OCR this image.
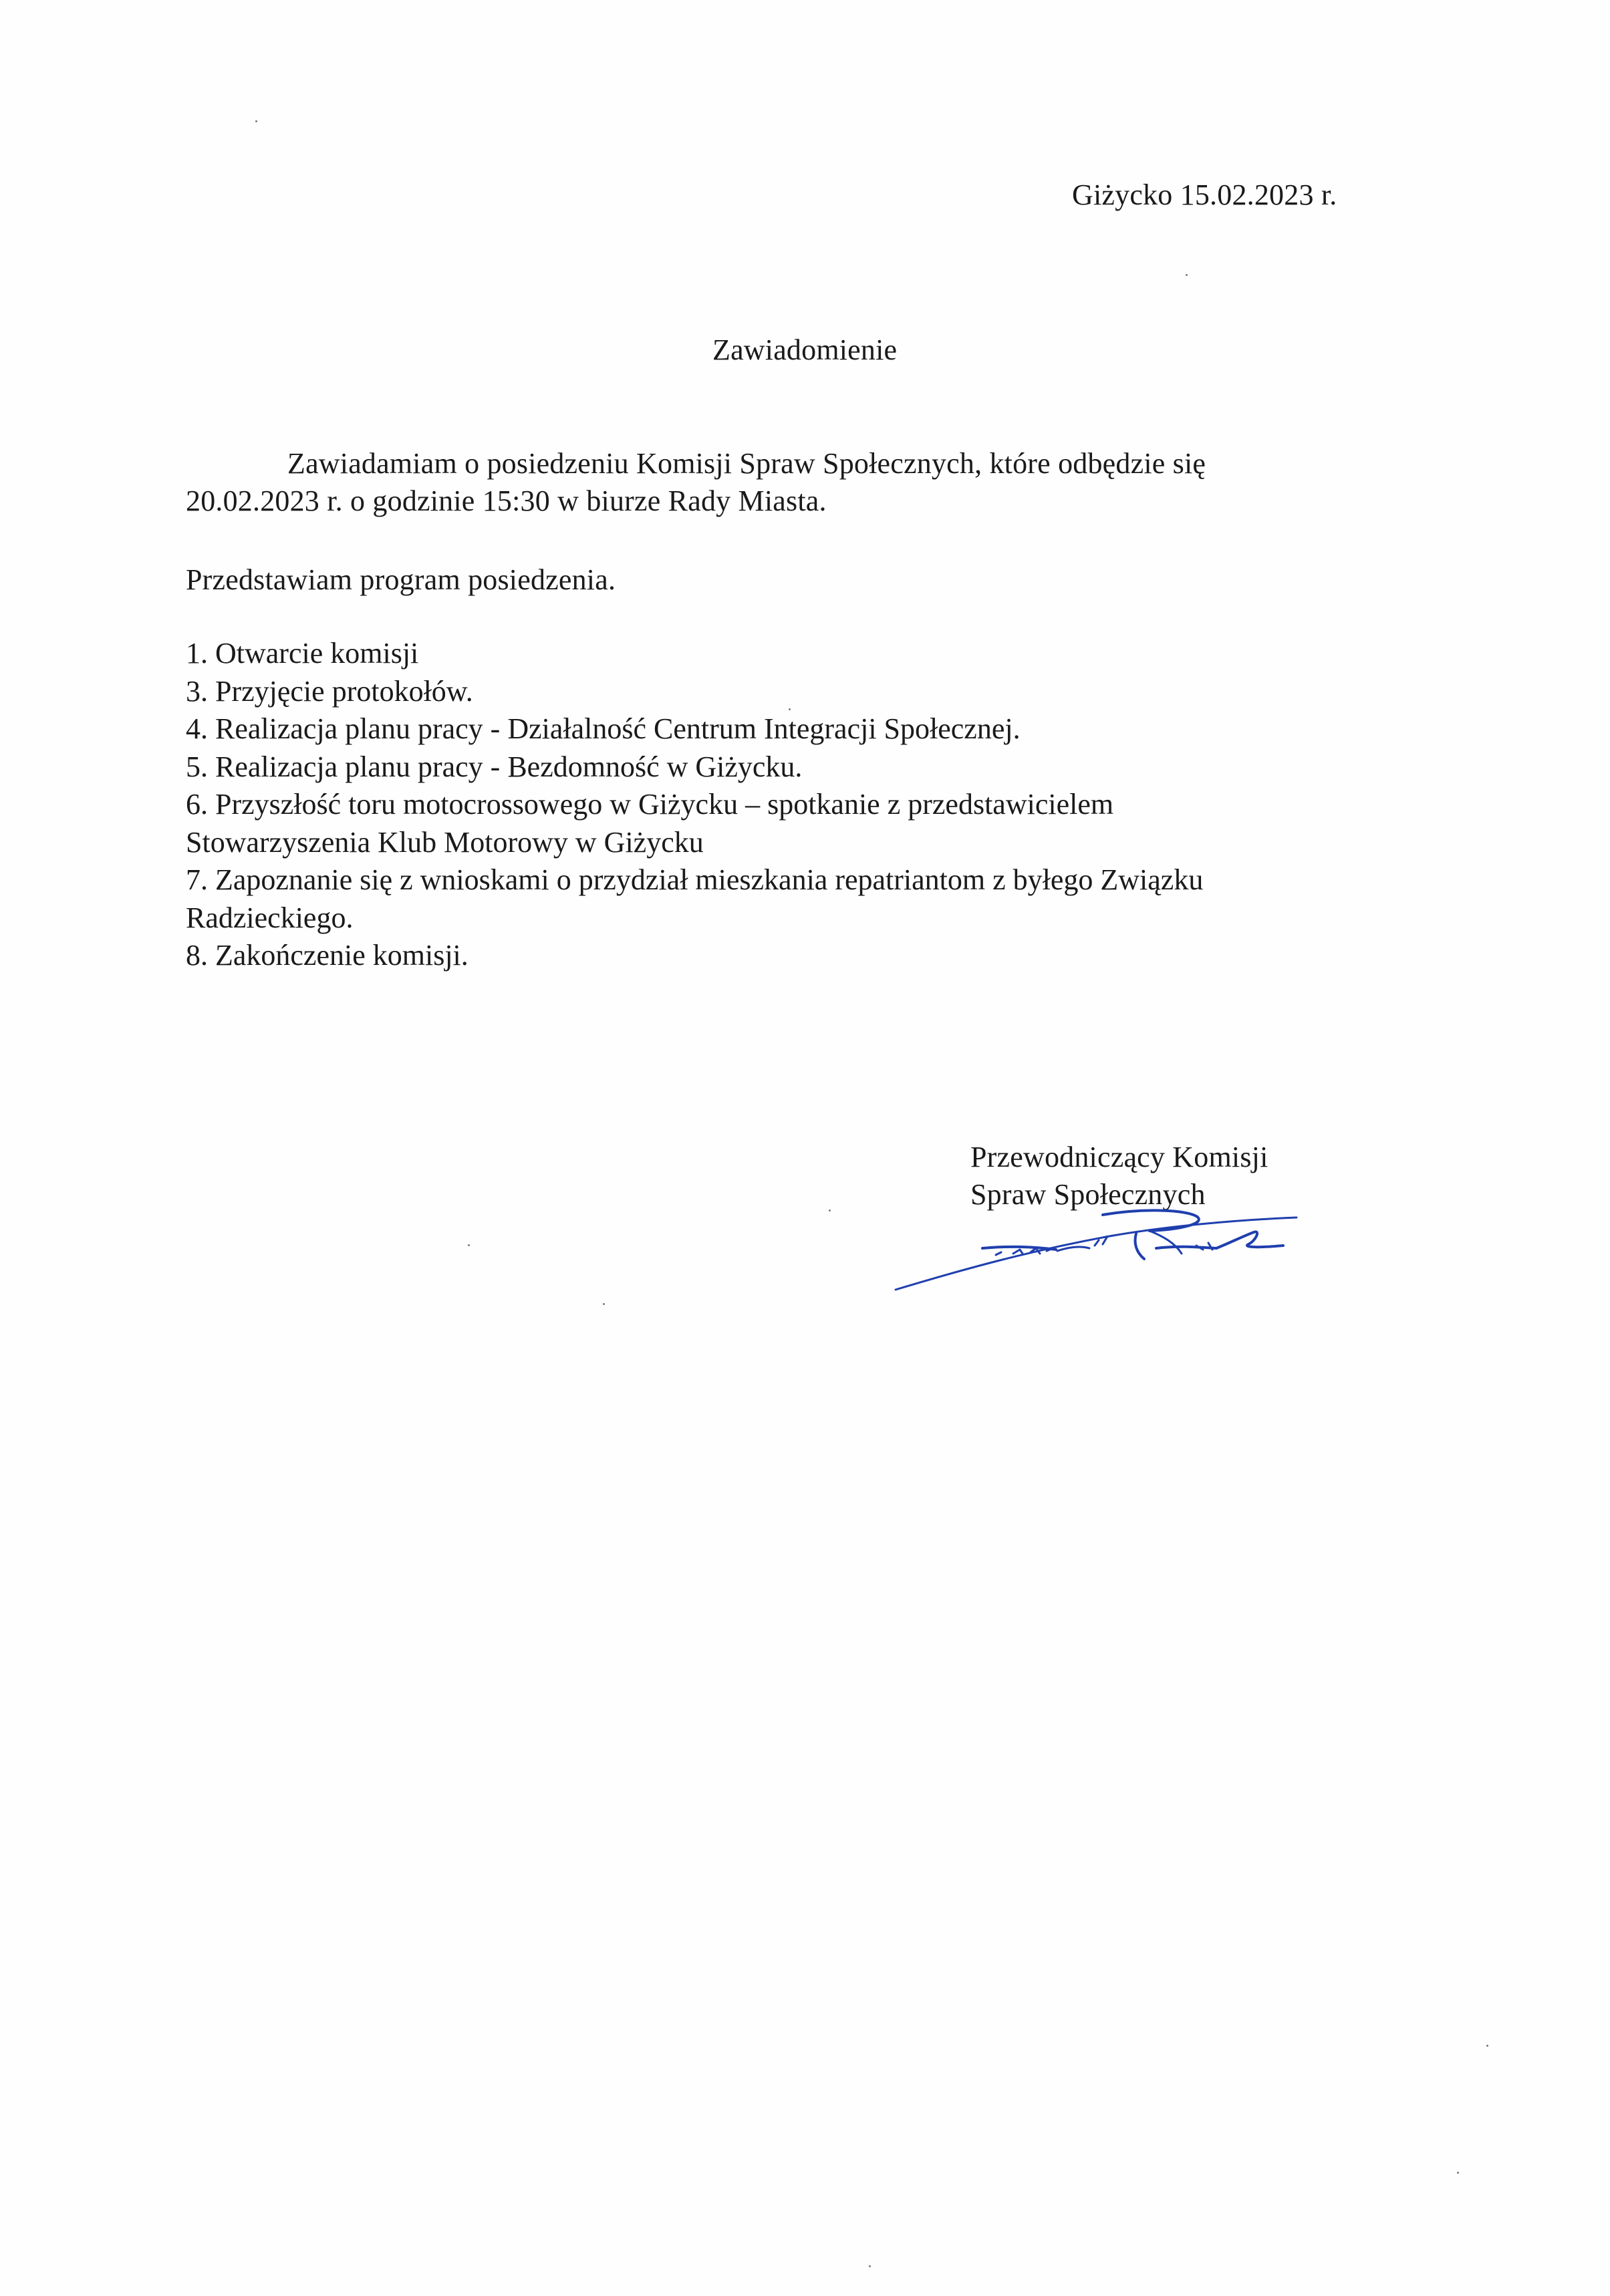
Giżycko 15.02.2023 r.
Zawiadomienie
Zawiadamiam o posiedzeniu Komisji Spraw Społecznych, które odbędzie się
20.02.2023 r. o godzinie 15:30 w biurze Rady Miasta.
Przedstawiam program posiedzenia.
1. Otwarcie komisji
3. Przyjęcie protokołów.
4. Realizacja planu pracy - Działalność Centrum Integracji Społecznej.
5. Realizacja planu pracy - Bezdomność w Giżycku.
6. Przyszłość toru motocrossowego w Giżycku – spotkanie z przedstawicielem
Stowarzyszenia Klub Motorowy w Giżycku
7. Zapoznanie się z wnioskami o przydział mieszkania repatriantom z byłego Związku
Radzieckiego.
8. Zakończenie komisji.
Przewodniczący Komisji
Spraw Społecznych
